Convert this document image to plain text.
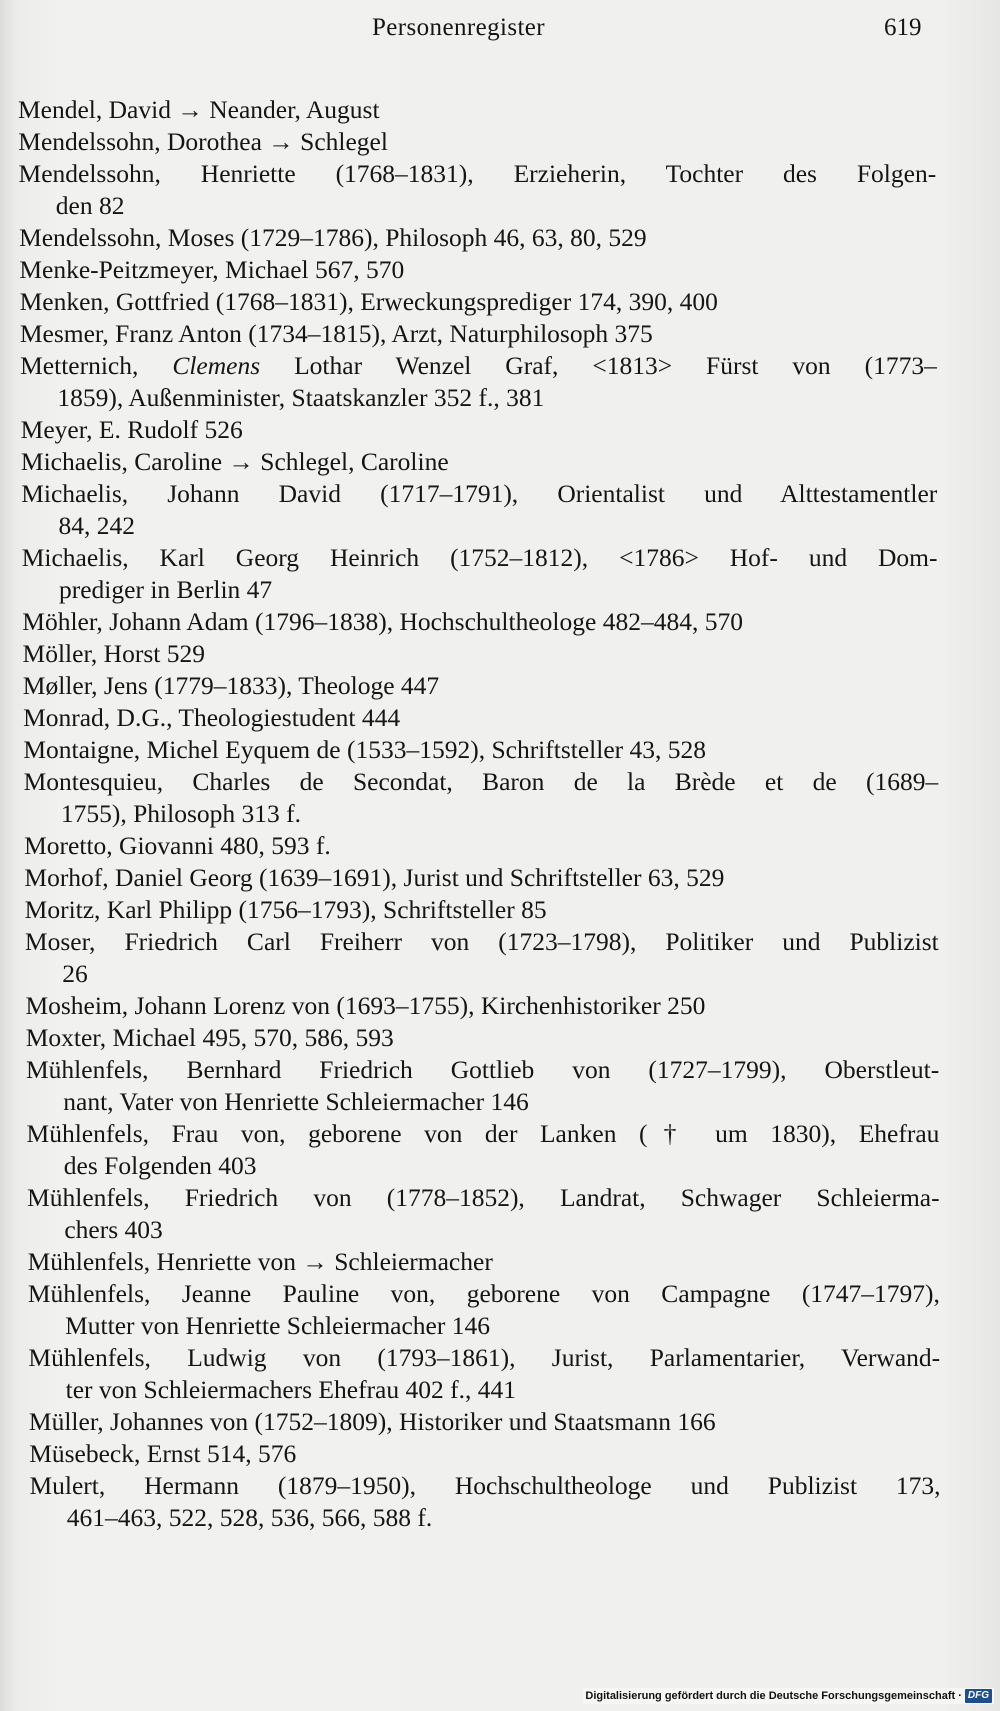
Personenregister	619
Mendel, David → Neander, August
Mendelssohn, Dorothea → Schlegel
Mendelssohn, Henriette (1768–1831), Erzieherin, Tochter des Folgen-
den 82
Mendelssohn, Moses (1729–1786), Philosoph 46, 63, 80, 529
Menke-Peitzmeyer, Michael 567, 570
Menken, Gottfried (1768–1831), Erweckungsprediger 174, 390, 400
Mesmer, Franz Anton (1734–1815), Arzt, Naturphilosoph 375
Metternich, Clemens Lothar Wenzel Graf, <1813> Fürst von (1773–
1859), Außenminister, Staatskanzler 352 f., 381
Meyer, E. Rudolf 526
Michaelis, Caroline → Schlegel, Caroline
Michaelis, Johann David (1717–1791), Orientalist und Alttestamentler
84, 242
Michaelis, Karl Georg Heinrich (1752–1812), <1786> Hof- und Dom-
prediger in Berlin 47
Möhler, Johann Adam (1796–1838), Hochschultheologe 482–484, 570
Möller, Horst 529
Møller, Jens (1779–1833), Theologe 447
Monrad, D.G., Theologiestudent 444
Montaigne, Michel Eyquem de (1533–1592), Schriftsteller 43, 528
Montesquieu, Charles de Secondat, Baron de la Brède et de (1689–
1755), Philosoph 313 f.
Moretto, Giovanni 480, 593 f.
Morhof, Daniel Georg (1639–1691), Jurist und Schriftsteller 63, 529
Moritz, Karl Philipp (1756–1793), Schriftsteller 85
Moser, Friedrich Carl Freiherr von (1723–1798), Politiker und Publizist
26
Mosheim, Johann Lorenz von (1693–1755), Kirchenhistoriker 250
Moxter, Michael 495, 570, 586, 593
Mühlenfels, Bernhard Friedrich Gottlieb von (1727–1799), Oberstleut-
nant, Vater von Henriette Schleiermacher 146
Mühlenfels, Frau von, geborene von der Lanken († um 1830), Ehefrau
des Folgenden 403
Mühlenfels, Friedrich von (1778–1852), Landrat, Schwager Schleierma-
chers 403
Mühlenfels, Henriette von → Schleiermacher
Mühlenfels, Jeanne Pauline von, geborene von Campagne (1747–1797),
Mutter von Henriette Schleiermacher 146
Mühlenfels, Ludwig von (1793–1861), Jurist, Parlamentarier, Verwand-
ter von Schleiermachers Ehefrau 402 f., 441
Müller, Johannes von (1752–1809), Historiker und Staatsmann 166
Müsebeck, Ernst 514, 576
Mulert, Hermann (1879–1950), Hochschultheologe und Publizist 173,
461–463, 522, 528, 536, 566, 588 f.
Digitalisierung gefördert durch die Deutsche Forschungsgemeinschaft · DFG
